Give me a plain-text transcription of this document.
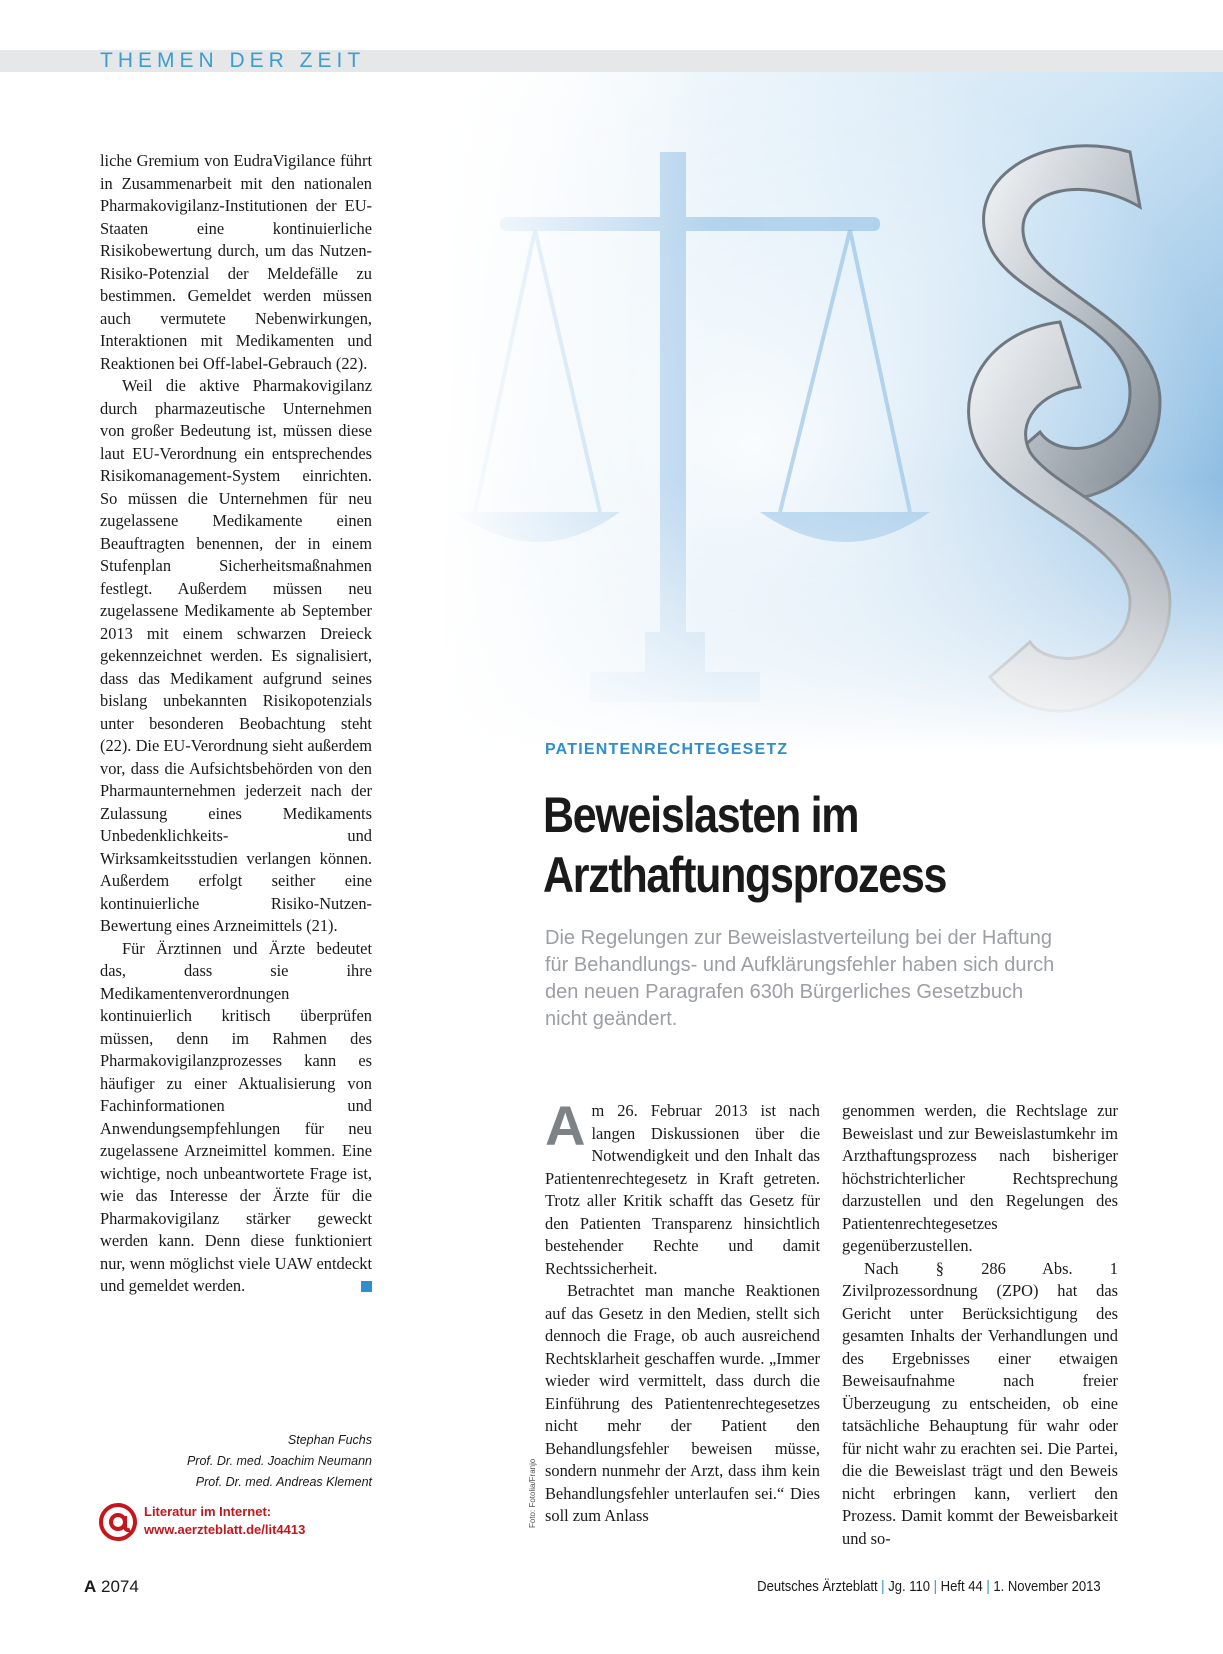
THEMEN DER ZEIT

liche Gremium von EudraVigilance führt in Zusammenarbeit mit den nationalen Pharmakovigilanz-Institutionen der EU-Staaten eine kontinuierliche Risikobewertung durch, um das Nutzen-Risiko-Potenzial der Meldefälle zu bestimmen. Gemeldet werden müssen auch vermutete Nebenwirkungen, Interaktionen mit Medikamenten und Reaktionen bei Off-label-Gebrauch (22).

Weil die aktive Pharmakovigilanz durch pharmazeutische Unternehmen von großer Bedeutung ist, müssen diese laut EU-Verordnung ein entsprechendes Risikomanagement-System einrichten. So müssen die Unternehmen für neu zugelassene Medikamente einen Beauftragten benennen, der in einem Stufenplan Sicherheitsmaßnahmen festlegt. Außerdem müssen neu zugelassene Medikamente ab September 2013 mit einem schwarzen Dreieck gekennzeichnet werden. Es signalisiert, dass das Medikament aufgrund seines bislang unbekannten Risikopotenzials unter besonderen Beobachtung steht (22). Die EU-Verordnung sieht außerdem vor, dass die Aufsichtsbehörden von den Pharmaunternehmen jederzeit nach der Zulassung eines Medikaments Unbedenklichkeits- und Wirksamkeitsstudien verlangen können. Außerdem erfolgt seither eine kontinuierliche Risiko-Nutzen-Bewertung eines Arzneimittels (21).

Für Ärztinnen und Ärzte bedeutet das, dass sie ihre Medikamentenverordnungen kontinuierlich kritisch überprüfen müssen, denn im Rahmen des Pharmakovigilanzprozesses kann es häufiger zu einer Aktualisierung von Fachinformationen und Anwendungsempfehlungen für neu zugelassene Arzneimittel kommen. Eine wichtige, noch unbeantwortete Frage ist, wie das Interesse der Ärzte für die Pharmakovigilanz stärker geweckt werden kann. Denn diese funktioniert nur, wenn möglichst viele UAW entdeckt und gemeldet werden.

Stephan Fuchs
Prof. Dr. med. Joachim Neumann
Prof. Dr. med. Andreas Klement
Literatur im Internet:
www.aerzteblatt.de/lit4413
PATIENTENRECHTEGESETZ
Beweislasten im
Arzthaftungsprozess
Die Regelungen zur Beweislastverteilung bei der Haftung für Behandlungs- und Aufklärungsfehler haben sich durch den neuen Paragrafen 630h Bürgerliches Gesetzbuch nicht geändert.

Am 26. Februar 2013 ist nach langen Diskussionen über die Notwendigkeit und den Inhalt das Patientenrechtegesetz in Kraft getreten. Trotz aller Kritik schafft das Gesetz für den Patienten Transparenz hinsichtlich bestehender Rechte und damit Rechtssicherheit.

Betrachtet man manche Reaktionen auf das Gesetz in den Medien, stellt sich dennoch die Frage, ob auch ausreichend Rechtsklarheit geschaffen wurde. „Immer wieder wird vermittelt, dass durch die Einführung des Patientenrechtegesetzes nicht mehr der Patient den Behandlungsfehler beweisen müsse, sondern nunmehr der Arzt, dass ihm kein Behandlungsfehler unterlaufen sei.“ Dies soll zum Anlass

genommen werden, die Rechtslage zur Beweislast und zur Beweislastumkehr im Arzthaftungsprozess nach bisheriger höchstrichterlicher Rechtsprechung darzustellen und den Regelungen des Patientenrechtegesetzes gegenüberzustellen.

Nach § 286 Abs. 1 Zivilprozessordnung (ZPO) hat das Gericht unter Berücksichtigung des gesamten Inhalts der Verhandlungen und des Ergebnisses einer etwaigen Beweisaufnahme nach freier Überzeugung zu entscheiden, ob eine tatsächliche Behauptung für wahr oder für nicht wahr zu erachten sei. Die Partei, die die Beweislast trägt und den Beweis nicht erbringen kann, verliert den Prozess. Damit kommt der Beweisbarkeit und so-

Foto: Fotolia/Franjo
A 2074	Deutsches Ärzteblatt | Jg. 110 | Heft 44 | 1. November 2013
